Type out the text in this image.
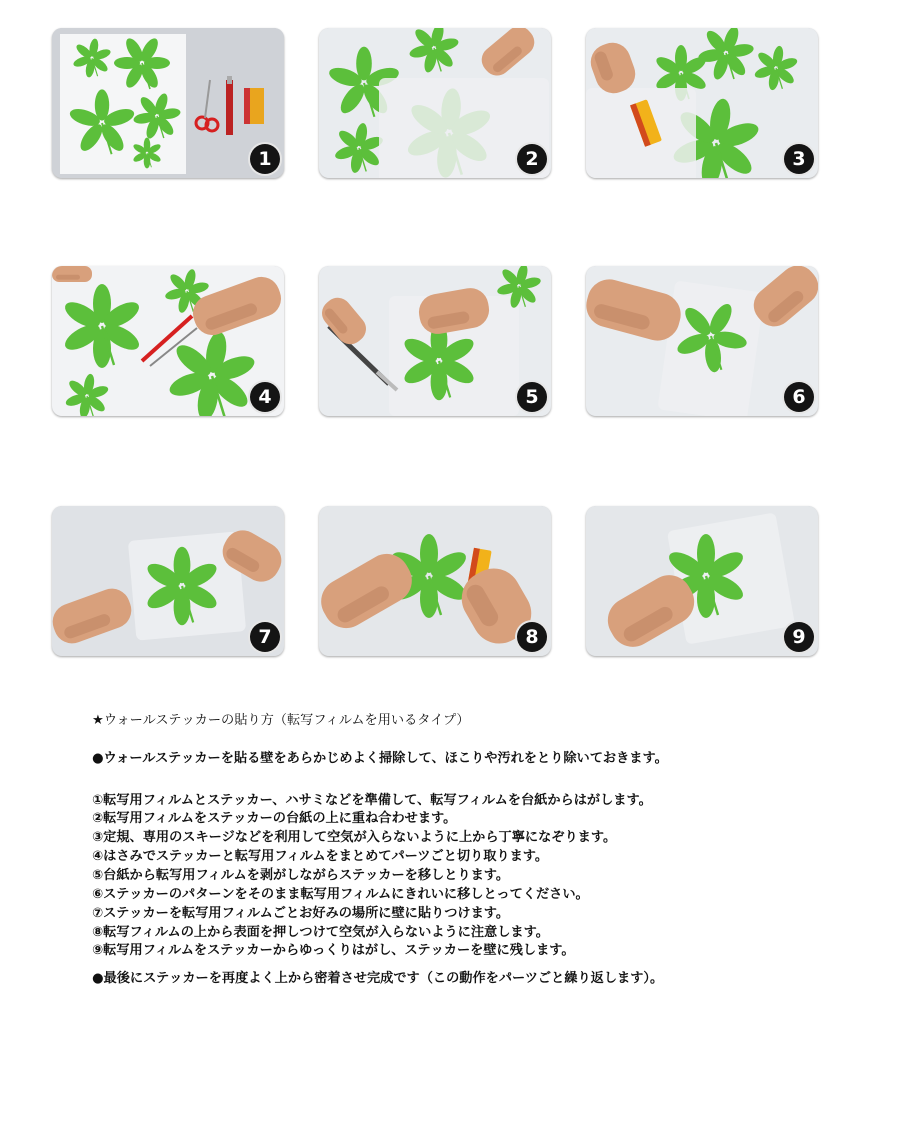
1	2	3
4	5	6
7	8	9
★ウォールステッカーの貼り方（転写フィルムを用いるタイプ）
●ウォールステッカーを貼る壁をあらかじめよく掃除して、ほこりや汚れをとり除いておきます。
①転写用フィルムとステッカー、ハサミなどを準備して、転写フィルムを台紙からはがします。
②転写用フィルムをステッカーの台紙の上に重ね合わせます。
③定規、専用のスキージなどを利用して空気が入らないように上から丁寧になぞります。
④はさみでステッカーと転写用フィルムをまとめてパーツごと切り取ります。
⑤台紙から転写用フィルムを剥がしながらステッカーを移しとります。
⑥ステッカーのパターンをそのまま転写用フィルムにきれいに移しとってください。
⑦ステッカーを転写用フィルムごとお好みの場所に壁に貼りつけます。
⑧転写フィルムの上から表面を押しつけて空気が入らないように注意します。
⑨転写用フィルムをステッカーからゆっくりはがし、ステッカーを壁に残します。
●最後にステッカーを再度よく上から密着させ完成です（この動作をパーツごと繰り返します）。
